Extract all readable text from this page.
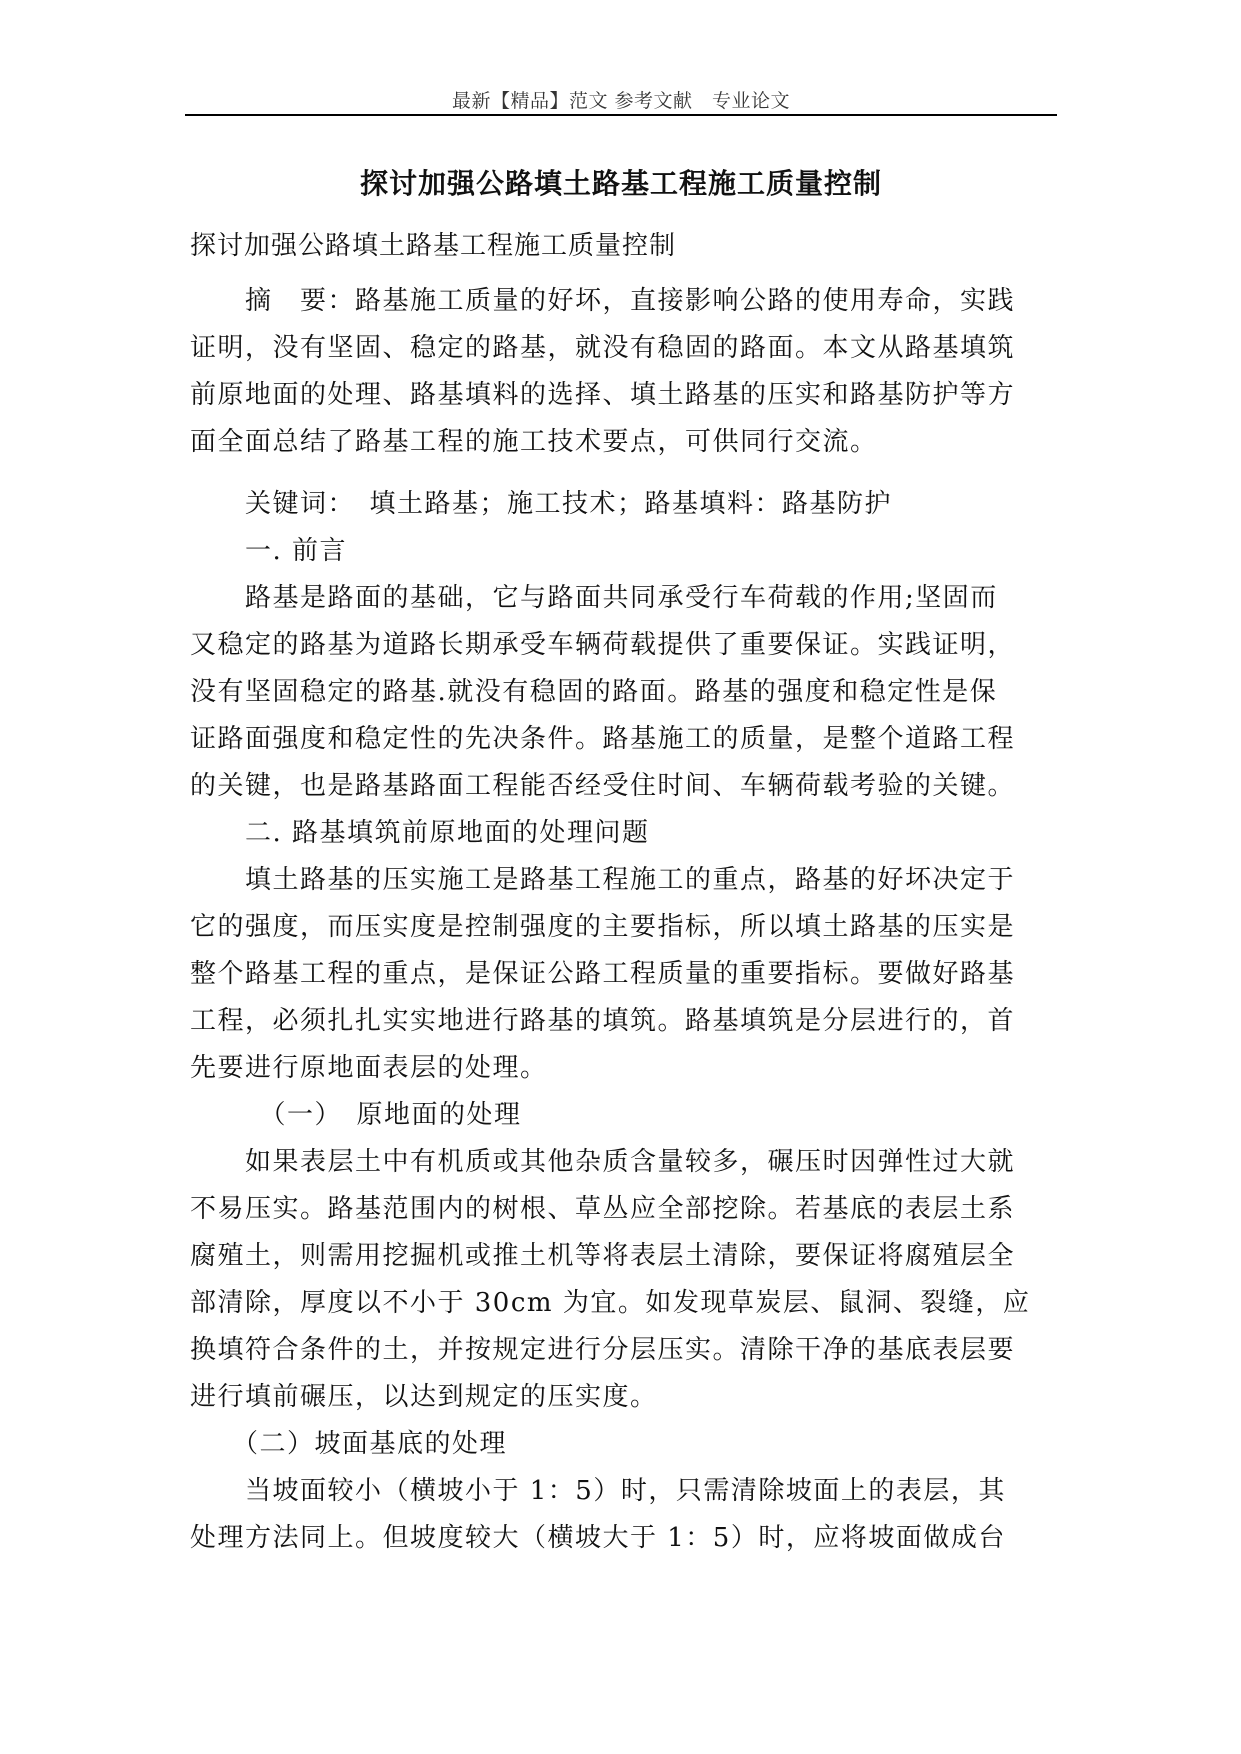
最新【精品】范文 参考文献　专业论文
探讨加强公路填土路基工程施工质量控制
探讨加强公路填土路基工程施工质量控制
　　摘　要：路基施工质量的好坏，直接影响公路的使用寿命，实践
证明，没有坚固、稳定的路基，就没有稳固的路面。本文从路基填筑
前原地面的处理、路基填料的选择、填土路基的压实和路基防护等方
面全面总结了路基工程的施工技术要点，可供同行交流。
　　关键词：　填土路基；施工技术；路基填料：路基防护
　　一. 前言
　　路基是路面的基础，它与路面共同承受行车荷载的作用;坚固而
又稳定的路基为道路长期承受车辆荷载提供了重要保证。实践证明，
没有坚固稳定的路基.就没有稳固的路面。路基的强度和稳定性是保
证路面强度和稳定性的先决条件。路基施工的质量，是整个道路工程
的关键，也是路基路面工程能否经受住时间、车辆荷载考验的关键。
　　二. 路基填筑前原地面的处理问题
　　填土路基的压实施工是路基工程施工的重点，路基的好坏决定于
它的强度，而压实度是控制强度的主要指标，所以填土路基的压实是
整个路基工程的重点，是保证公路工程质量的重要指标。要做好路基
工程，必须扎扎实实地进行路基的填筑。路基填筑是分层进行的，首
先要进行原地面表层的处理。
　　　（一）　原地面的处理
　　如果表层土中有机质或其他杂质含量较多，碾压时因弹性过大就
不易压实。路基范围内的树根、草丛应全部挖除。若基底的表层土系
腐殖土，则需用挖掘机或推土机等将表层土清除，要保证将腐殖层全
部清除，厚度以不小于 30cm 为宜。如发现草炭层、鼠洞、裂缝，应
换填符合条件的土，并按规定进行分层压实。清除干净的基底表层要
进行填前碾压，以达到规定的压实度。
　　（二）坡面基底的处理
　　当坡面较小（横坡小于 1：5）时，只需清除坡面上的表层，其
处理方法同上。但坡度较大（横坡大于 1：5）时，应将坡面做成台
